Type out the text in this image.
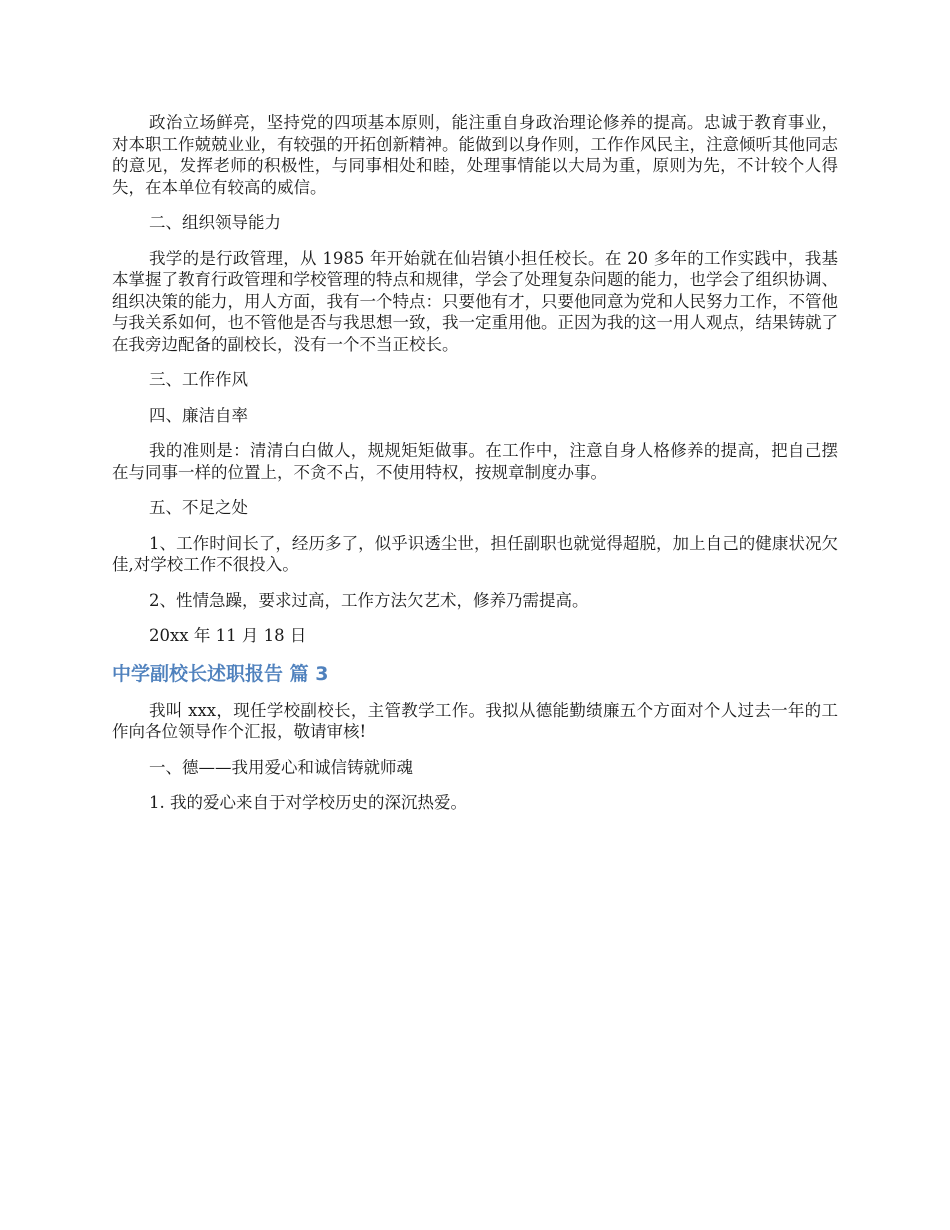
政治立场鲜亮，坚持党的四项基本原则，能注重自身政治理论修养的提高。忠诚于教育事业，对本职工作兢兢业业，有较强的开拓创新精神。能做到以身作则，工作作风民主，注意倾听其他同志的意见，发挥老师的积极性，与同事相处和睦，处理事情能以大局为重，原则为先，不计较个人得失，在本单位有较高的威信。

二、组织领导能力

我学的是行政管理，从 1985 年开始就在仙岩镇小担任校长。在 20 多年的工作实践中，我基本掌握了教育行政管理和学校管理的特点和规律，学会了处理复杂问题的能力，也学会了组织协调、组织决策的能力，用人方面，我有一个特点：只要他有才，只要他同意为党和人民努力工作，不管他与我关系如何，也不管他是否与我思想一致，我一定重用他。正因为我的这一用人观点，结果铸就了在我旁边配备的副校长，没有一个不当正校长。

三、工作作风

四、廉洁自率

我的准则是：清清白白做人，规规矩矩做事。在工作中，注意自身人格修养的提高，把自己摆在与同事一样的位置上，不贪不占，不使用特权，按规章制度办事。

五、不足之处

1、工作时间长了，经历多了，似乎识透尘世，担任副职也就觉得超脱，加上自己的健康状况欠佳,对学校工作不很投入。

2、性情急躁，要求过高，工作方法欠艺术，修养乃需提高。

20xx 年 11 月 18 日

中学副校长述职报告 篇 3

我叫 xxx，现任学校副校长，主管教学工作。我拟从德能勤绩廉五个方面对个人过去一年的工作向各位领导作个汇报，敬请审核!

一、德——我用爱心和诚信铸就师魂

1. 我的爱心来自于对学校历史的深沉热爱。
